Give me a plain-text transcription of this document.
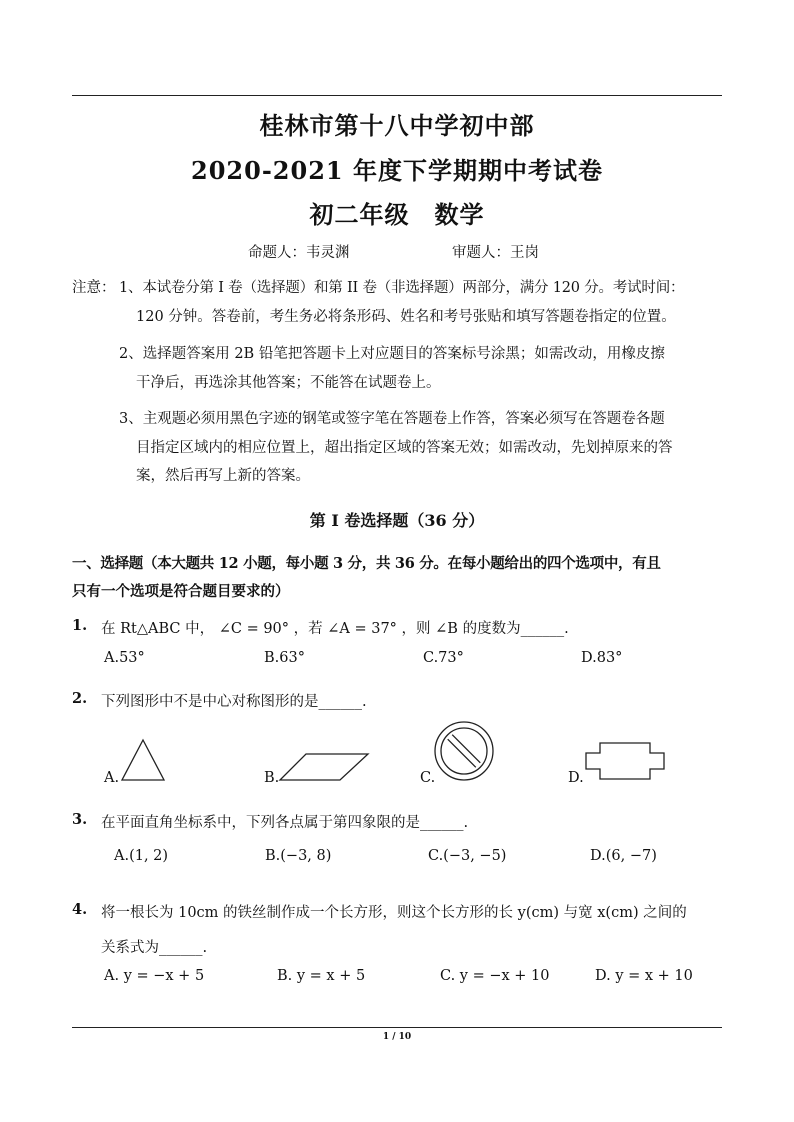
桂林市第十八中学初中部
2020-2021 年度下学期期中考试卷
初二年级　数学
命题人：韦灵渊	审题人：王岗
注意： 1、本试卷分第 I 卷（选择题）和第 II 卷（非选择题）两部分，满分 120 分。考试时间：
120 分钟。答卷前，考生务必将条形码、姓名和考号张贴和填写答题卷指定的位置。
2、选择题答案用 2B 铅笔把答题卡上对应题目的答案标号涂黑；如需改动，用橡皮擦
干净后，再选涂其他答案；不能答在试题卷上。
3、主观题必须用黑色字迹的钢笔或签字笔在答题卷上作答，答案必须写在答题卷各题
目指定区域内的相应位置上，超出指定区域的答案无效；如需改动，先划掉原来的答
案，然后再写上新的答案。
第 I 卷选择题（36 分）
一、选择题（本大题共 12 小题，每小题 3 分，共 36 分。在每小题给出的四个选项中，有且
只有一个选项是符合题目要求的）
1. 在 Rt△ABC 中， ∠C = 90° ，若 ∠A = 37° ，则 ∠B 的度数为______.
A.53°	B.63°	C.73°	D.83°
2. 下列图形中不是中心对称图形的是______.
A.	B.	C.	D.
3. 在平面直角坐标系中，下列各点属于第四象限的是______.
A.(1, 2)	B.(−3, 8)	C.(−3, −5)	D.(6, −7)
4. 将一根长为 10cm 的铁丝制作成一个长方形，则这个长方形的长 y(cm) 与宽 x(cm) 之间的
关系式为______.
A. y = −x + 5	B. y = x + 5	C. y = −x + 10	D. y = x + 10
1 / 10
